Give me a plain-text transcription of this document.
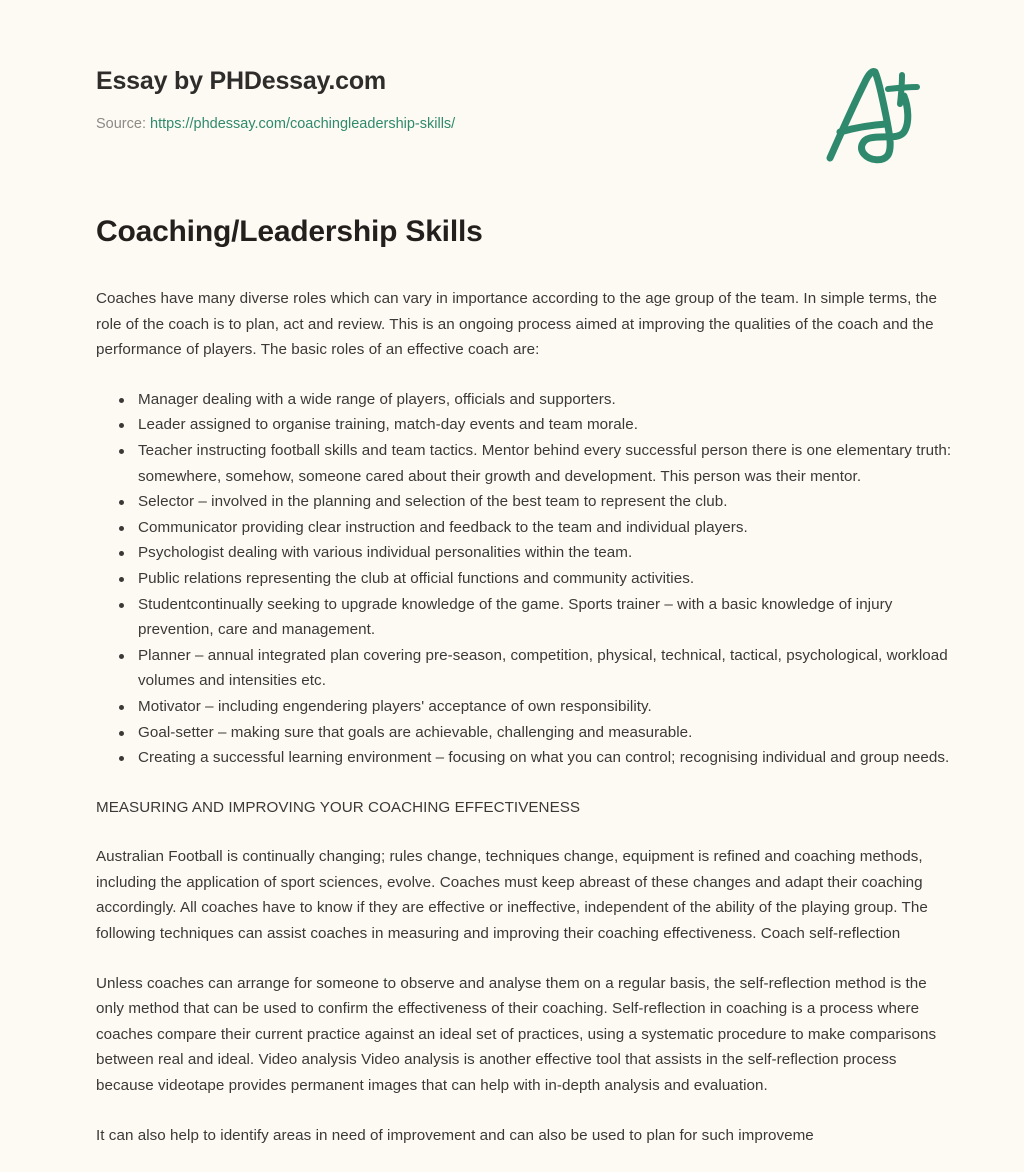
Essay by PHDessay.com
Source: https://phdessay.com/coachingleadership-skills/
Coaching/Leadership Skills

Coaches have many diverse roles which can vary in importance according to the age group of the team. In simple terms, the role of the coach is to plan, act and review. This is an ongoing process aimed at improving the qualities of the coach and the performance of players. The basic roles of an effective coach are:

Manager dealing with a wide range of players, officials and supporters.
Leader assigned to organise training, match-day events and team morale.
Teacher instructing football skills and team tactics. Mentor behind every successful person there is one elementary truth: somewhere, somehow, someone cared about their growth and development. This person was their mentor.
Selector – involved in the planning and selection of the best team to represent the club.
Communicator providing clear instruction and feedback to the team and individual players.
Psychologist dealing with various individual personalities within the team.
Public relations representing the club at official functions and community activities.
Studentcontinually seeking to upgrade knowledge of the game. Sports trainer – with a basic knowledge of injury prevention, care and management.
Planner – annual integrated plan covering pre-season, competition, physical, technical, tactical, psychological, workload volumes and intensities etc.
Motivator – including engendering players' acceptance of own responsibility.
Goal-setter – making sure that goals are achievable, challenging and measurable.
Creating a successful learning environment – focusing on what you can control; recognising individual and group needs.

MEASURING AND IMPROVING YOUR COACHING EFFECTIVENESS

Australian Football is continually changing; rules change, techniques change, equipment is refined and coaching methods, including the application of sport sciences, evolve. Coaches must keep abreast of these changes and adapt their coaching accordingly. All coaches have to know if they are effective or ineffective, independent of the ability of the playing group. The following techniques can assist coaches in measuring and improving their coaching effectiveness. Coach self-reflection

Unless coaches can arrange for someone to observe and analyse them on a regular basis, the self-reflection method is the only method that can be used to confirm the effectiveness of their coaching. Self-reflection in coaching is a process where coaches compare their current practice against an ideal set of practices, using a systematic procedure to make comparisons between real and ideal. Video analysis Video analysis is another effective tool that assists in the self-reflection process because videotape provides permanent images that can help with in-depth analysis and evaluation.

It can also help to identify areas in need of improvement and can also be used to plan for such improveme
